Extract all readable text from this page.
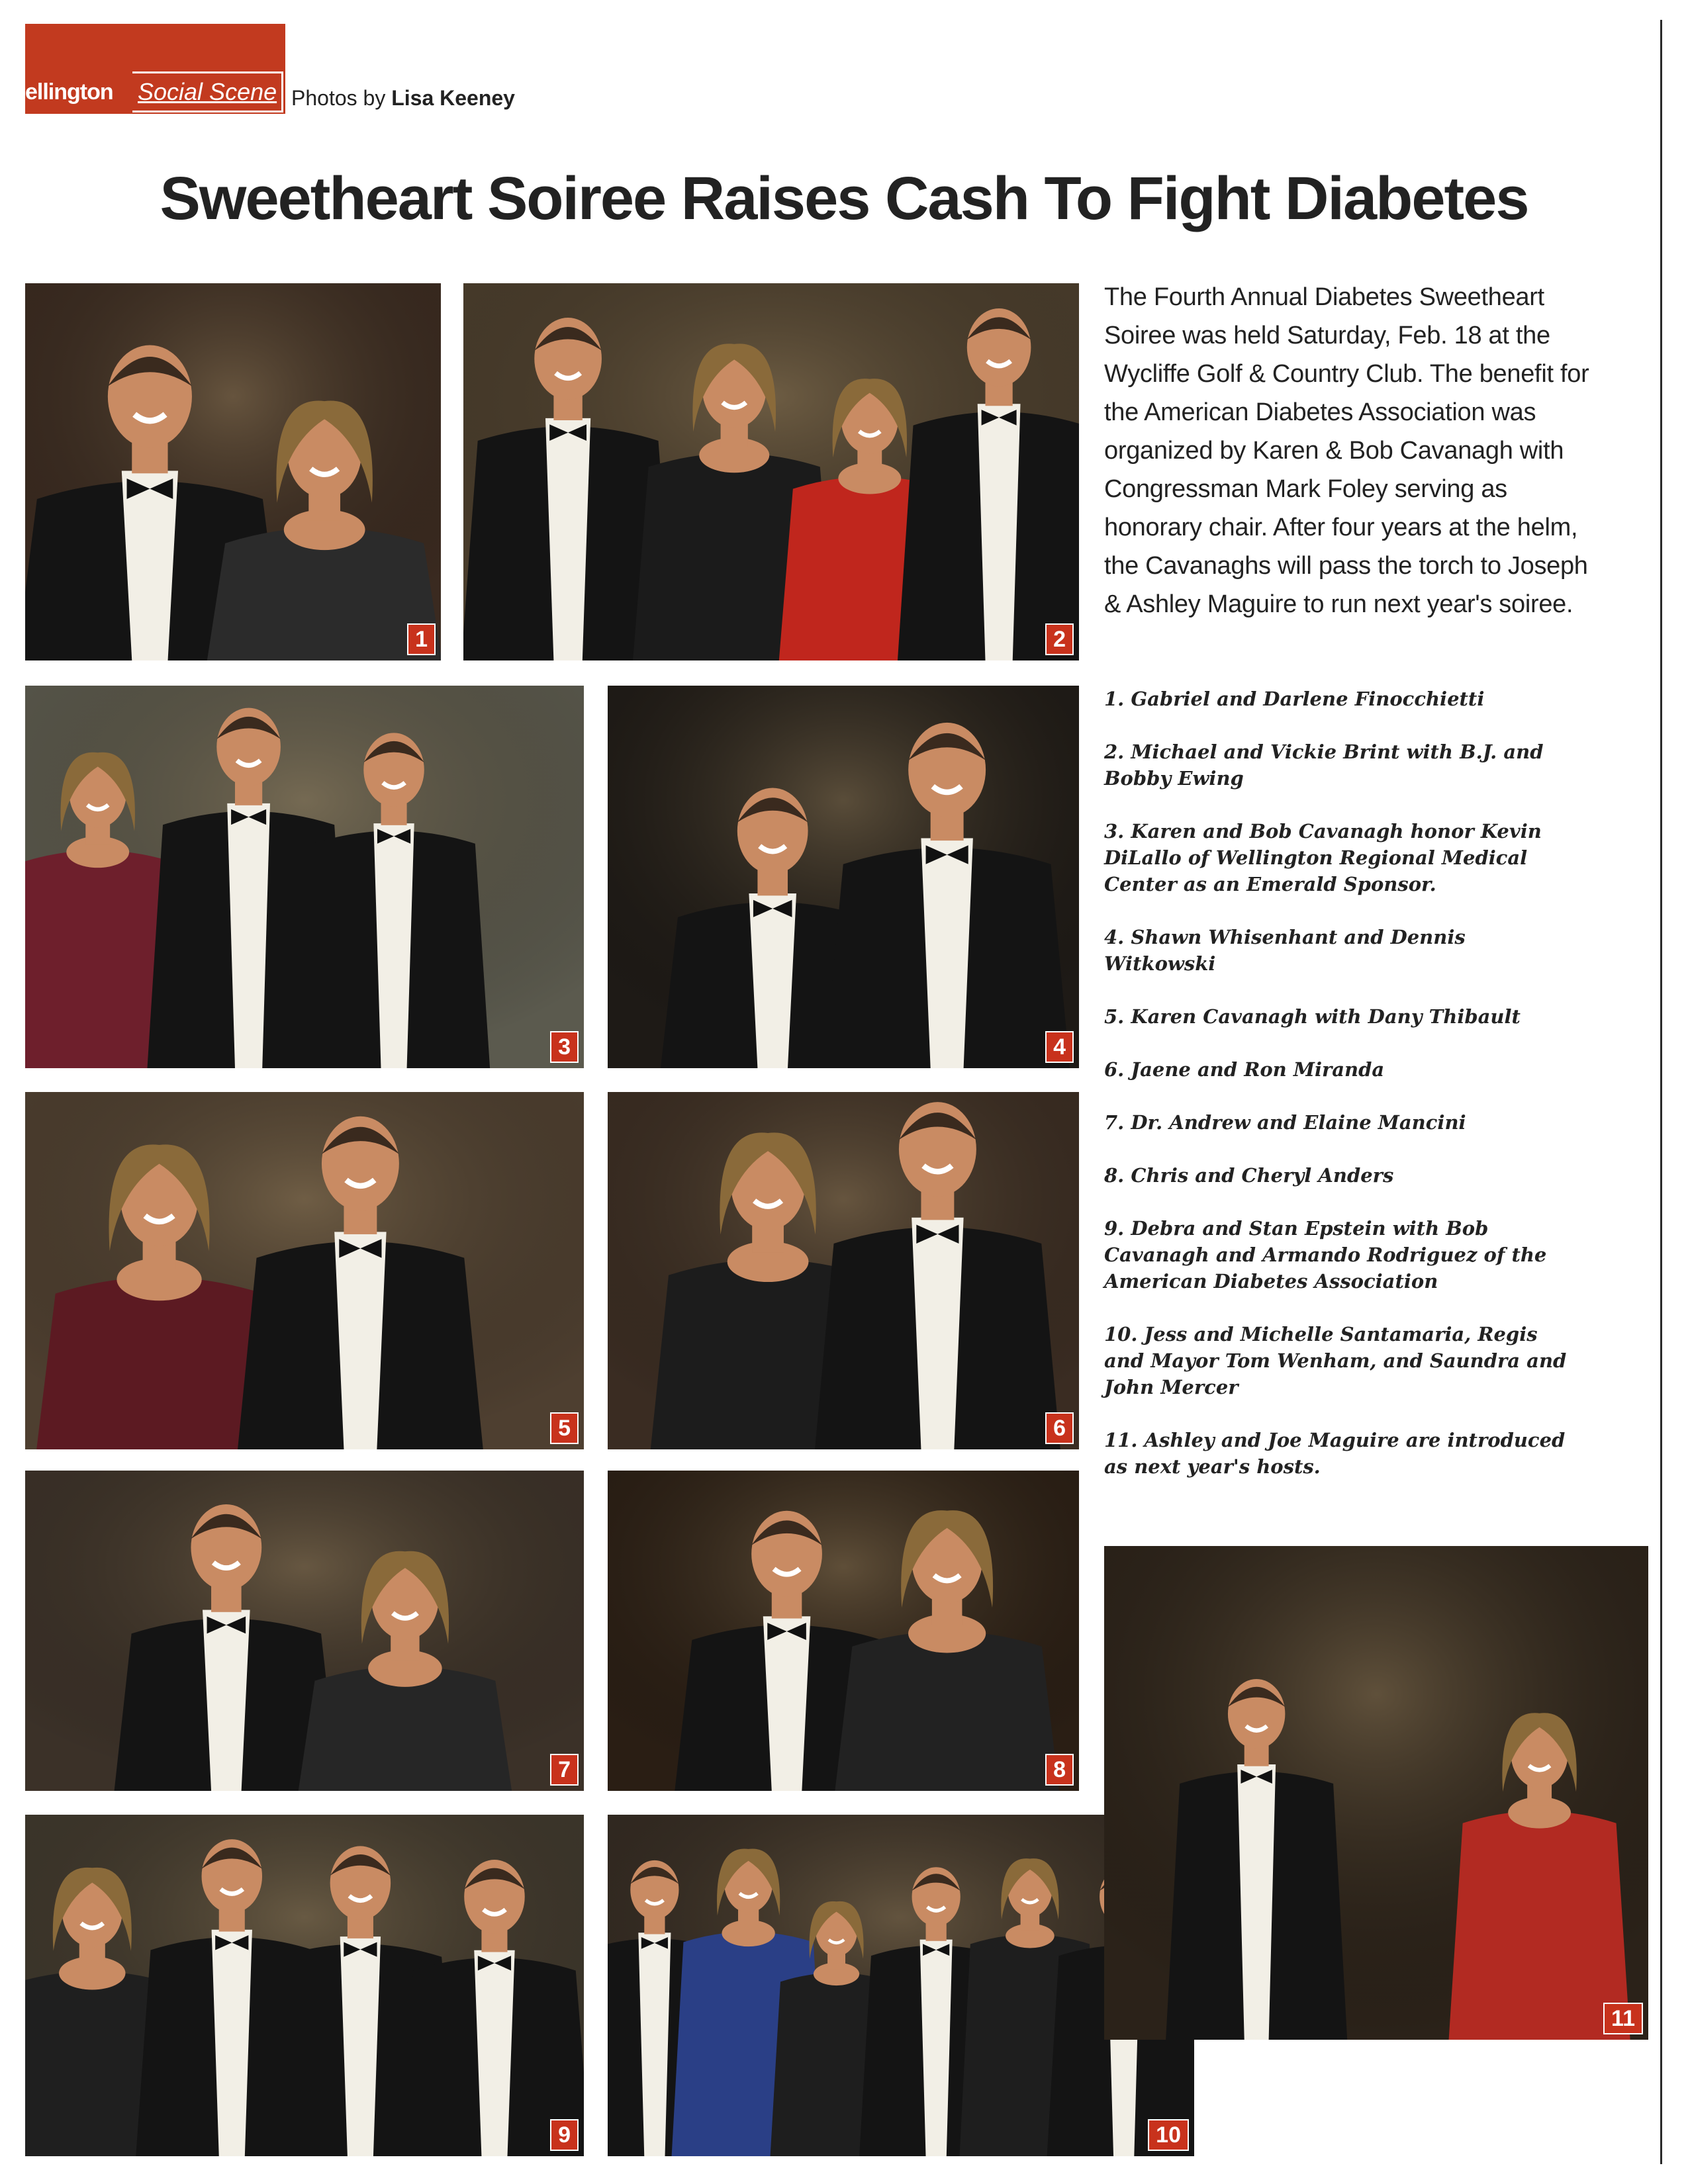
ellington Social Scene Photos by Lisa Keeney
Sweetheart Soiree Raises Cash To Fight Diabetes
1	2
3	4
5	6
7	8
9	10
11
The Fourth Annual Diabetes Sweetheart Soiree was held Saturday, Feb. 18 at the Wycliffe Golf & Country Club. The benefit for the American Diabetes Association was organized by Karen & Bob Cavanagh with Congressman Mark Foley serving as honorary chair. After four years at the helm, the Cavanaghs will pass the torch to Joseph & Ashley Maguire to run next year's soiree.
1. Gabriel and Darlene Finocchietti
2. Michael and Vickie Brint with B.J. and Bobby Ewing
3. Karen and Bob Cavanagh honor Kevin DiLallo of Wellington Regional Medical Center as an Emerald Sponsor.
4. Shawn Whisenhant and Dennis Witkowski
5. Karen Cavanagh with Dany Thibault
6. Jaene and Ron Miranda
7. Dr. Andrew and Elaine Mancini
8. Chris and Cheryl Anders
9. Debra and Stan Epstein with Bob Cavanagh and Armando Rodriguez of the American Diabetes Association
10. Jess and Michelle Santamaria, Regis and Mayor Tom Wenham, and Saundra and John Mercer
11. Ashley and Joe Maguire are introduced as next year's hosts.
